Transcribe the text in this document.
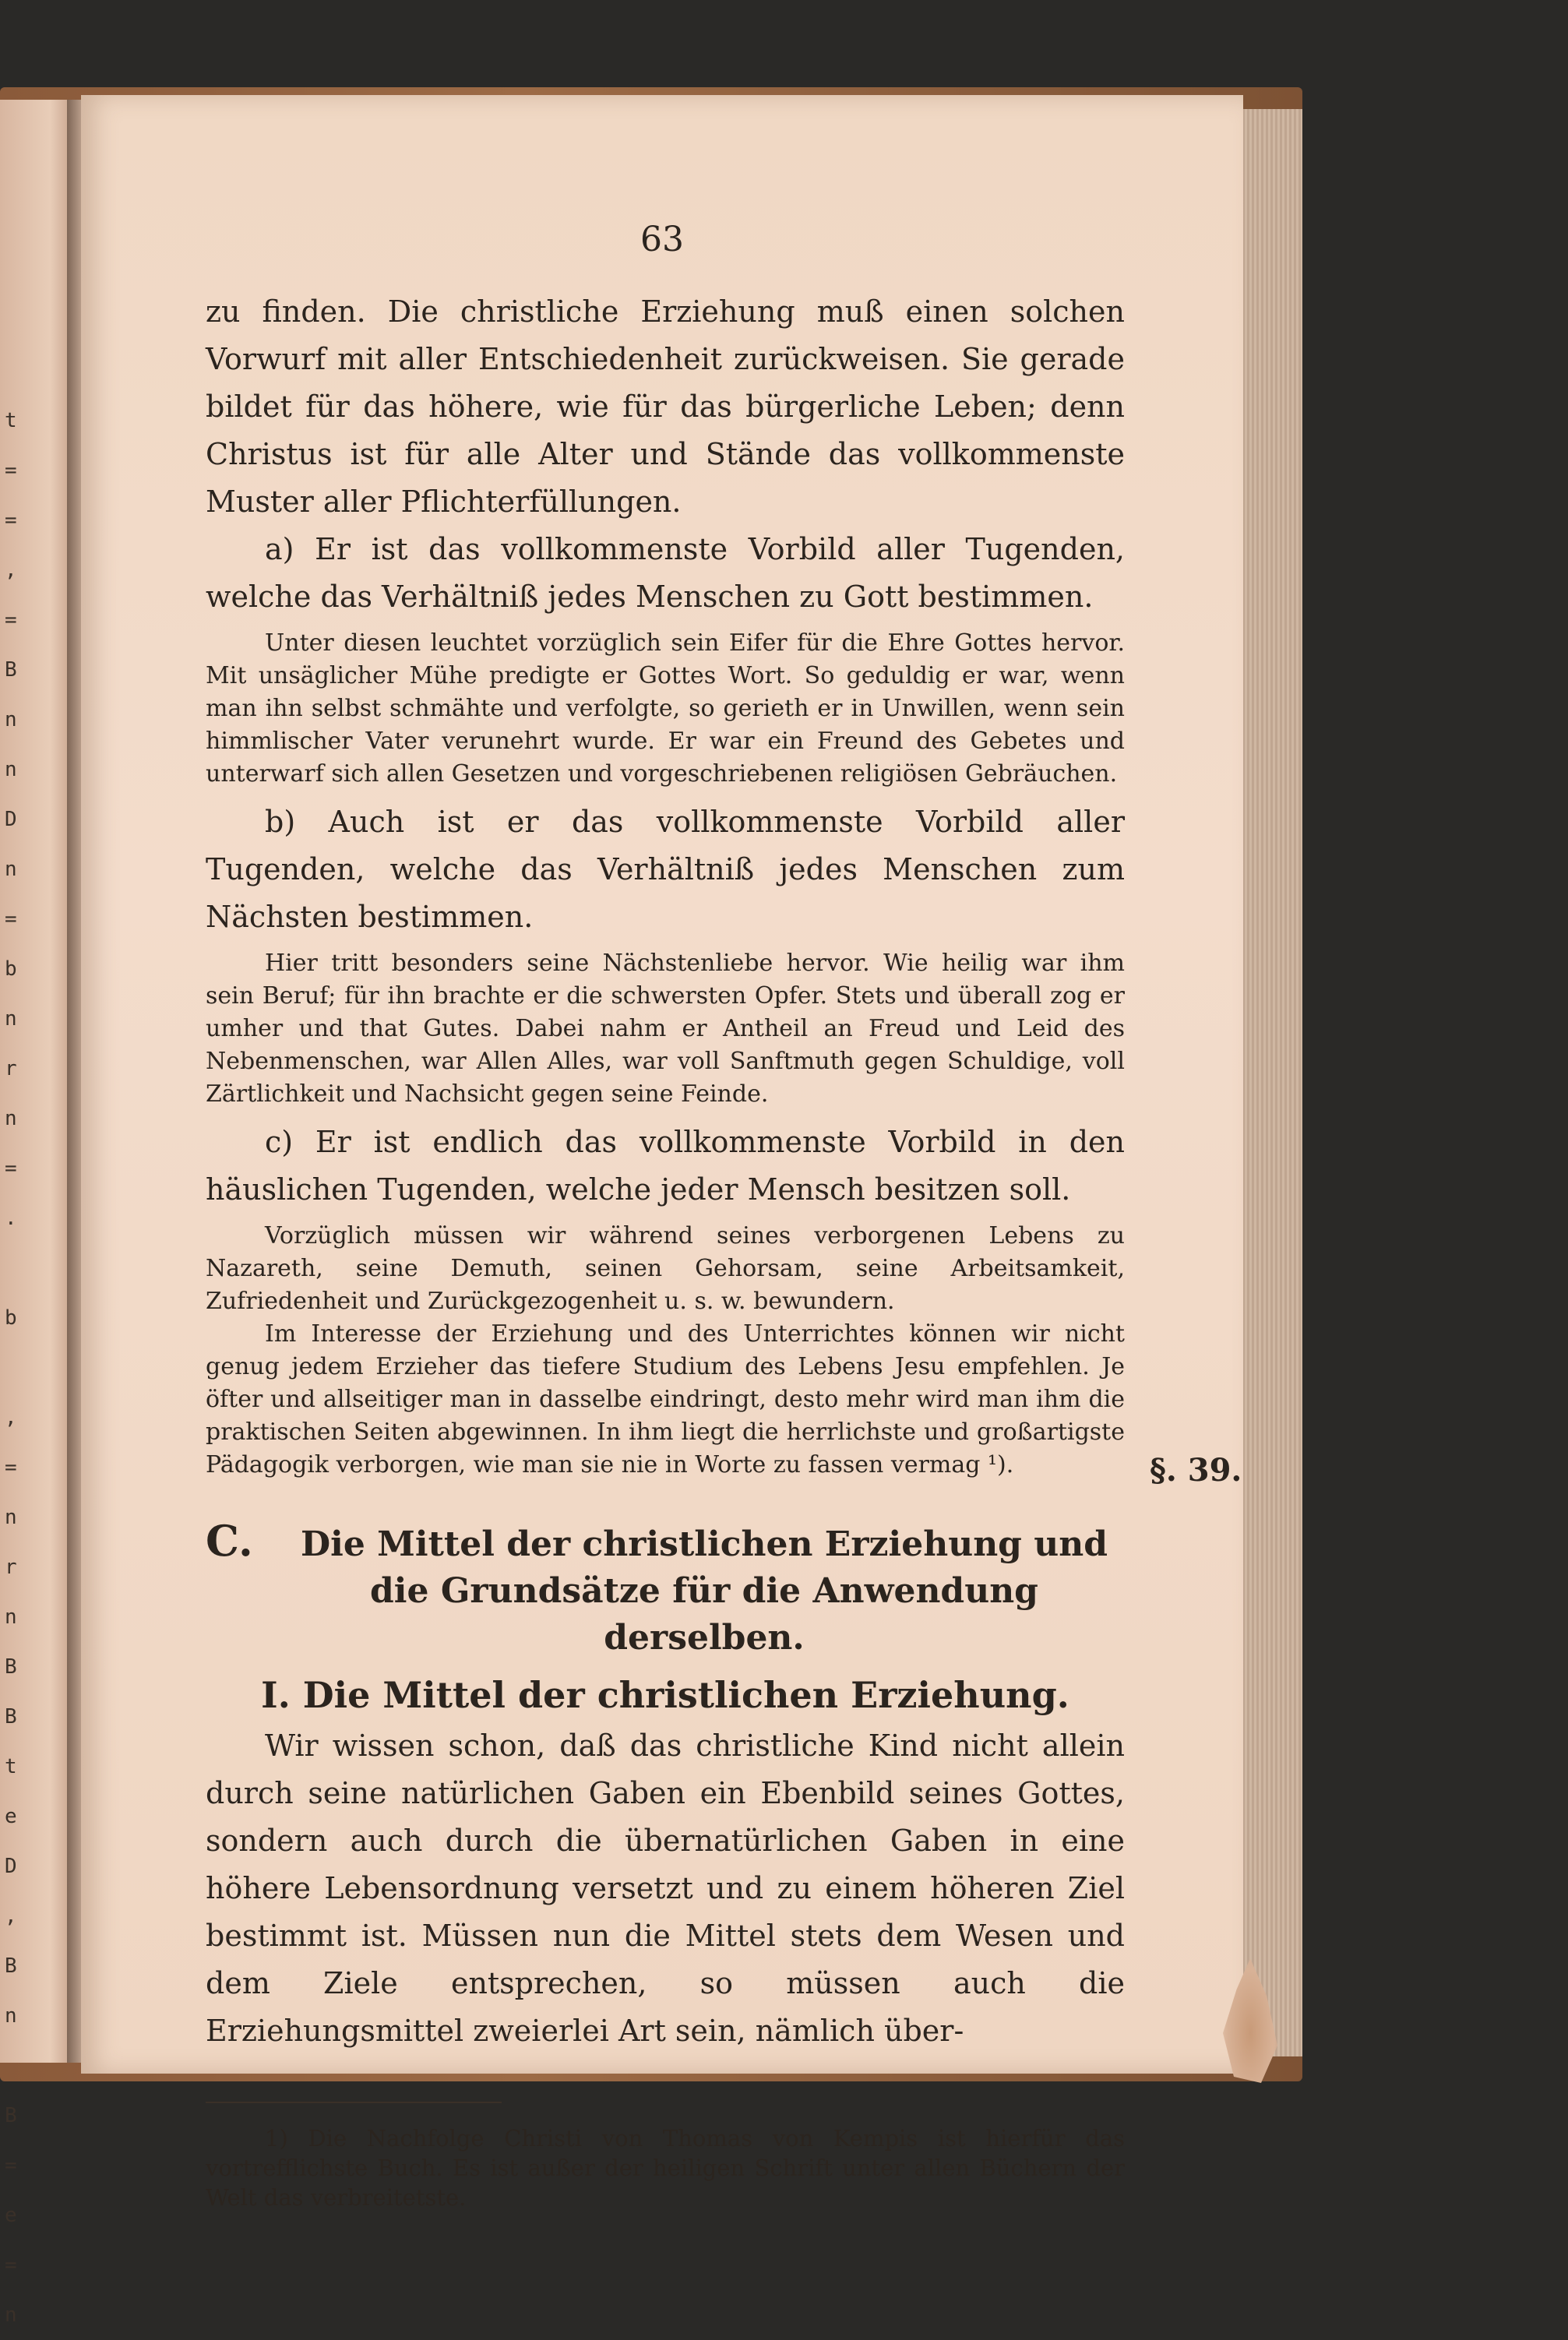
t
=
=
,
=
B
n
n
D
n
=
b
n
r
n
=
.

b

,
=
n
r
n
B
B
t
e
D
,
B
n

B
=
e
=
n
63

zu finden. Die christliche Erziehung muß einen solchen Vorwurf mit aller Entschiedenheit zurückweisen. Sie gerade bildet für das höhere, wie für das bürgerliche Leben; denn Christus ist für alle Alter und Stände das vollkommenste Muster aller Pflichterfüllungen.

a) Er ist das vollkommenste Vorbild aller Tugenden, welche das Verhältniß jedes Menschen zu Gott bestimmen.

Unter diesen leuchtet vorzüglich sein Eifer für die Ehre Gottes hervor. Mit unsäglicher Mühe predigte er Gottes Wort. So geduldig er war, wenn man ihn selbst schmähte und verfolgte, so gerieth er in Unwillen, wenn sein himmlischer Vater verunehrt wurde. Er war ein Freund des Gebetes und unterwarf sich allen Gesetzen und vorgeschriebenen religiösen Gebräuchen.

b) Auch ist er das vollkommenste Vorbild aller Tugenden, welche das Verhältniß jedes Menschen zum Nächsten bestimmen.

Hier tritt besonders seine Nächstenliebe hervor. Wie heilig war ihm sein Beruf; für ihn brachte er die schwersten Opfer. Stets und überall zog er umher und that Gutes. Dabei nahm er Antheil an Freud und Leid des Nebenmenschen, war Allen Alles, war voll Sanftmuth gegen Schuldige, voll Zärtlichkeit und Nachsicht gegen seine Feinde.

c) Er ist endlich das vollkommenste Vorbild in den häuslichen Tugenden, welche jeder Mensch besitzen soll.

Vorzüglich müssen wir während seines verborgenen Lebens zu Nazareth, seine Demuth, seinen Gehorsam, seine Arbeitsamkeit, Zufriedenheit und Zurückgezogenheit u. s. w. bewundern.

Im Interesse der Erziehung und des Unterrichtes können wir nicht genug jedem Erzieher das tiefere Studium des Lebens Jesu empfehlen. Je öfter und allseitiger man in dasselbe eindringt, desto mehr wird man ihm die praktischen Seiten abgewinnen. In ihm liegt die herrlichste und großartigste Pädagogik verborgen, wie man sie nie in Worte zu fassen vermag ¹).

C.	Die Mittel der christlichen Erziehung und die Grundsätze für die Anwendung derselben.
I. Die Mittel der christlichen Erziehung.

Wir wissen schon, daß das christliche Kind nicht allein durch seine natürlichen Gaben ein Ebenbild seines Gottes, sondern auch durch die übernatürlichen Gaben in eine höhere Lebensordnung versetzt und zu einem höheren Ziel bestimmt ist. Müssen nun die Mittel stets dem Wesen und dem Ziele entsprechen, so müssen auch die Erziehungsmittel zweierlei Art sein, nämlich über-

1) Die Nachfolge Christi von Thomas von Kempis ist hierfür das vortrefflichste Buch. Es ist außer der heiligen Schrift unter allen Büchern der Welt das verbreitetste.

§. 39.
